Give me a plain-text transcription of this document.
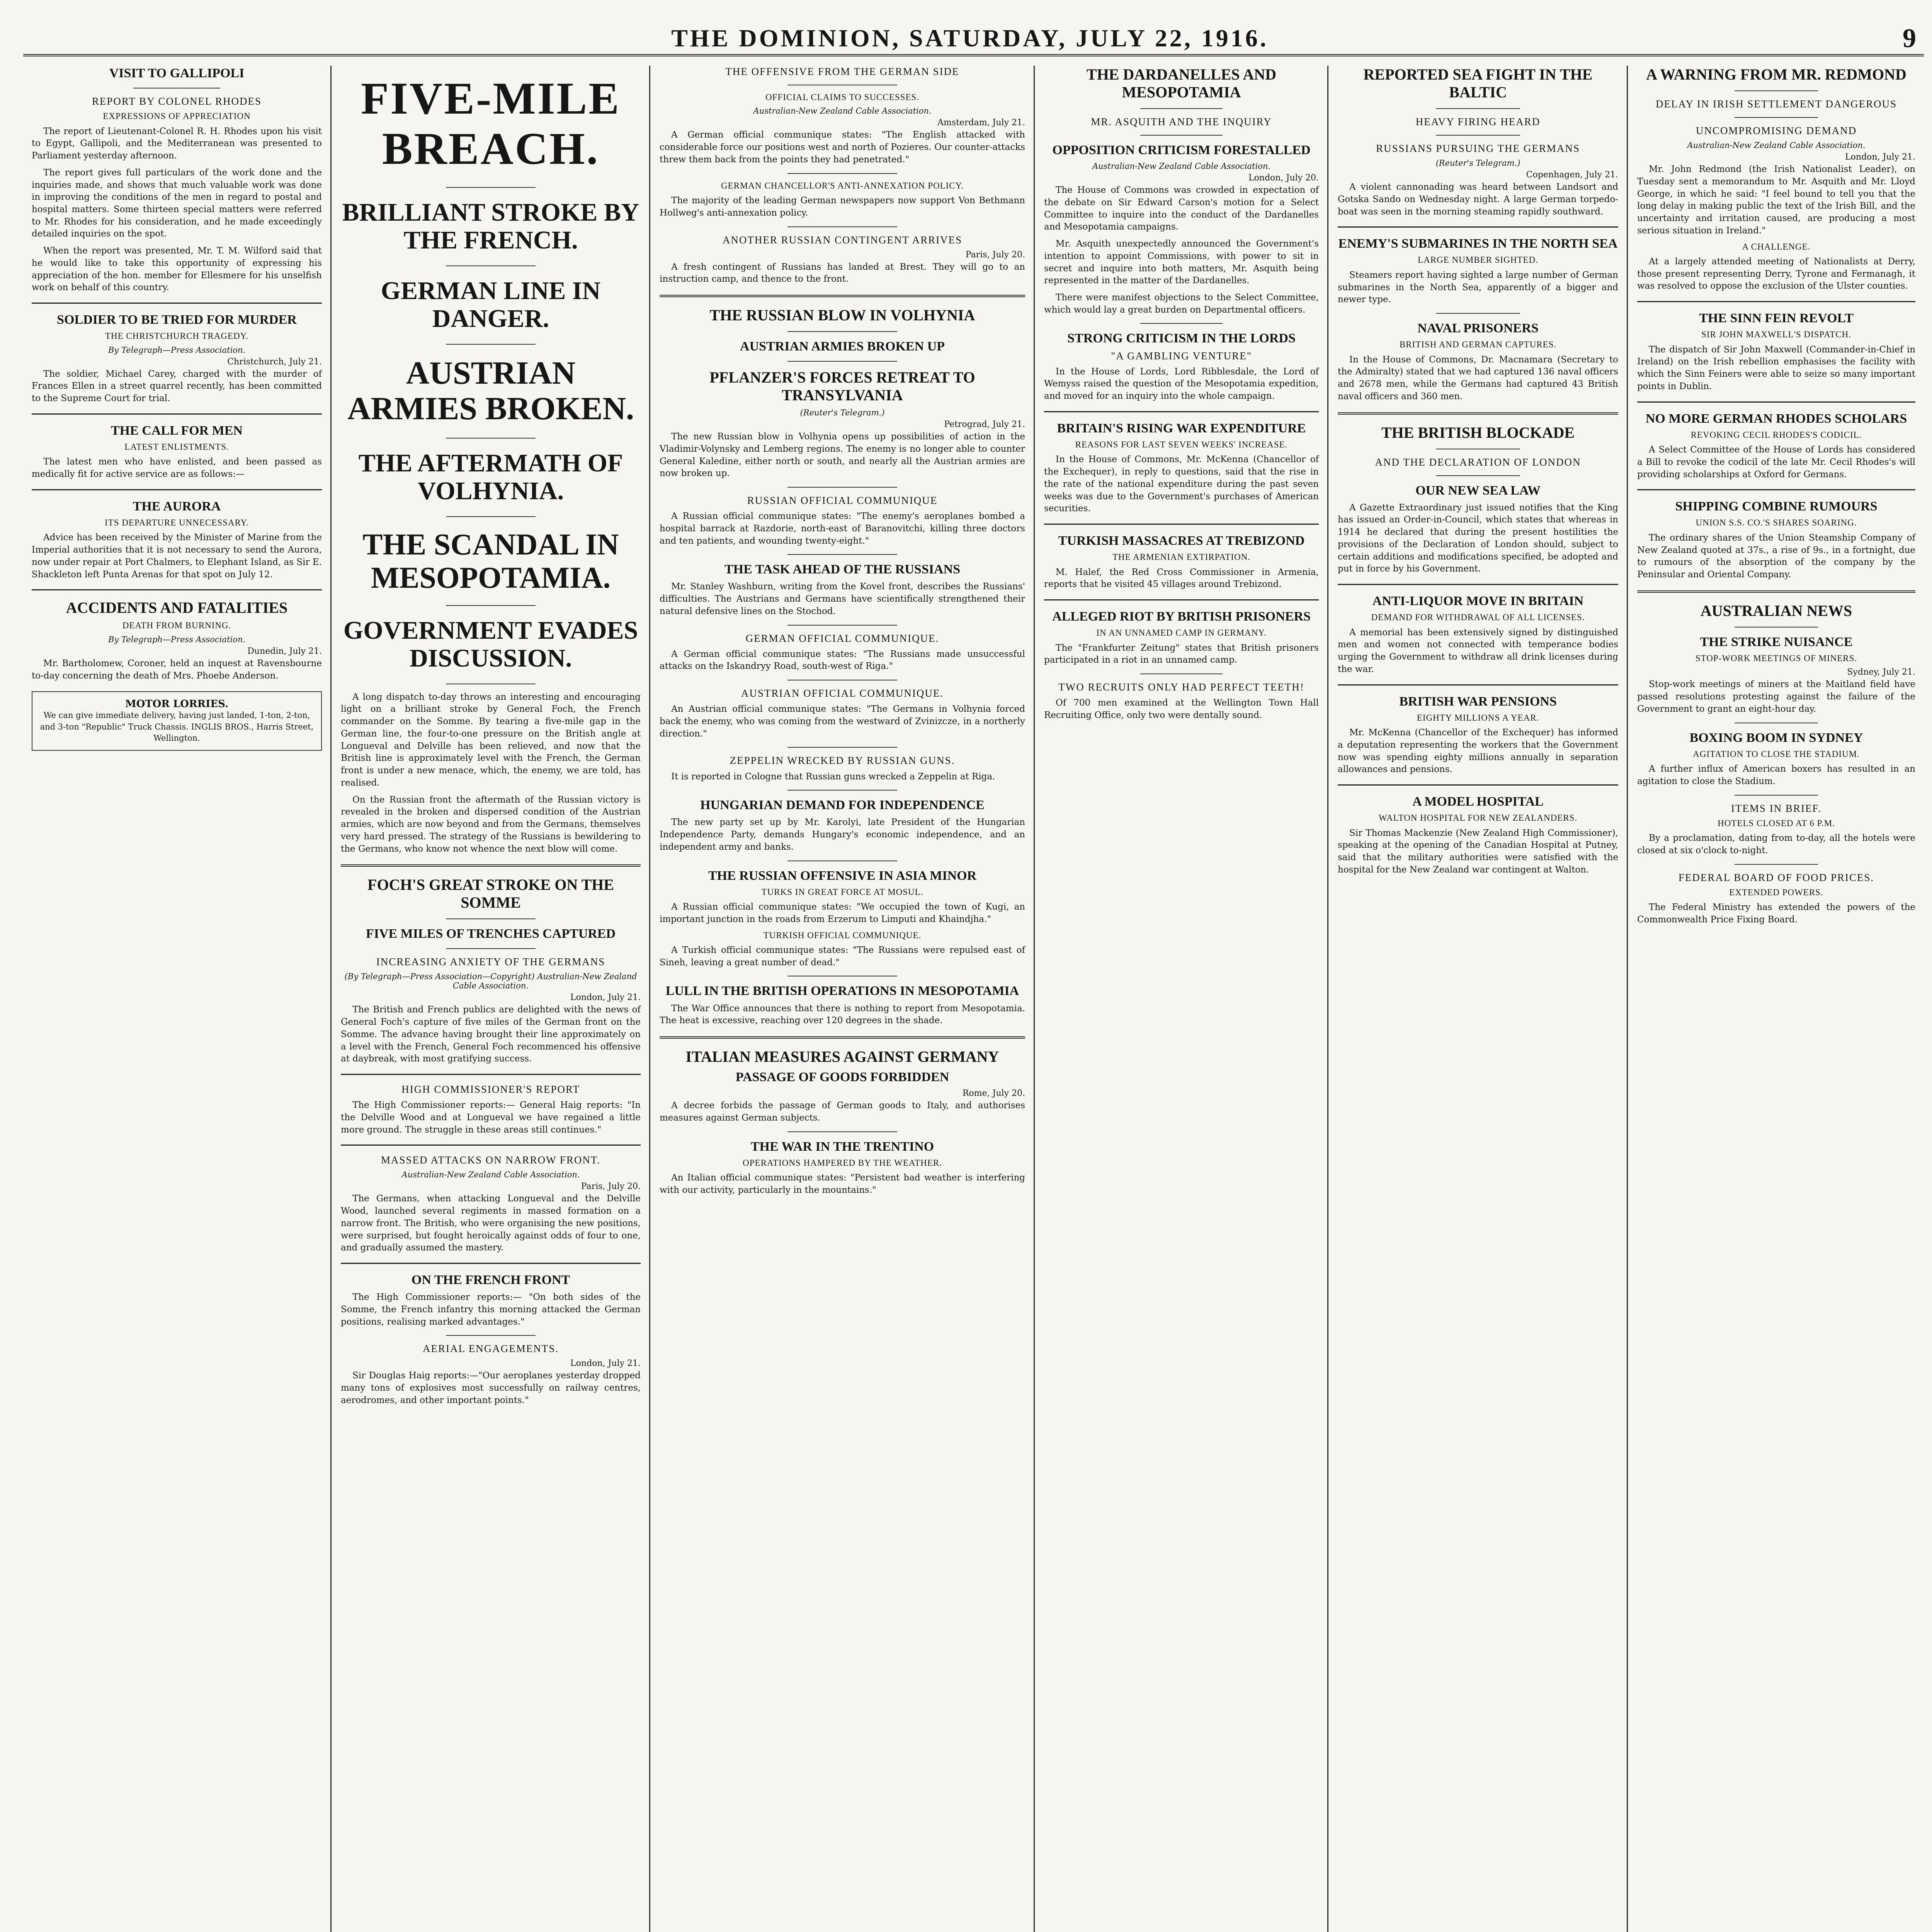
THE DOMINION, SATURDAY, JULY 22, 1916.	9
VISIT TO GALLIPOLI
REPORT BY COLONEL RHODES
EXPRESSIONS OF APPRECIATION

The report of Lieutenant-Colonel R. H. Rhodes upon his visit to Egypt, Gallipoli, and the Mediterranean was presented to Parliament yesterday afternoon.

The report gives full particulars of the work done and the inquiries made, and shows that much valuable work was done in improving the conditions of the men in regard to postal and hospital matters. Some thirteen special matters were referred to Mr. Rhodes for his consideration, and he made exceedingly detailed inquiries on the spot.

When the report was presented, Mr. T. M. Wilford said that he would like to take this opportunity of expressing his appreciation of the hon. member for Ellesmere for his unselfish work on behalf of this country.

SOLDIER TO BE TRIED FOR MURDER
THE CHRISTCHURCH TRAGEDY.
By Telegraph—Press Association.
Christchurch, July 21.

The soldier, Michael Carey, charged with the murder of Frances Ellen in a street quarrel recently, has been committed to the Supreme Court for trial.

THE CALL FOR MEN
LATEST ENLISTMENTS.

The latest men who have enlisted, and been passed as medically fit for active service are as follows:—

THE AURORA
ITS DEPARTURE UNNECESSARY.

Advice has been received by the Minister of Marine from the Imperial authorities that it is not necessary to send the Aurora, now under repair at Port Chalmers, to Elephant Island, as Sir E. Shackleton left Punta Arenas for that spot on July 12.

ACCIDENTS AND FATALITIES
DEATH FROM BURNING.
By Telegraph—Press Association.
Dunedin, July 21.

Mr. Bartholomew, Coroner, held an inquest at Ravensbourne to-day concerning the death of Mrs. Phoebe Anderson.

MOTOR LORRIES.
We can give immediate delivery, having just landed, 1-ton, 2-ton, and 3-ton "Republic" Truck Chassis. INGLIS BROS., Harris Street, Wellington.
FIVE-MILE BREACH.
BRILLIANT STROKE BY THE FRENCH.
GERMAN LINE IN DANGER.
AUSTRIAN ARMIES BROKEN.
THE AFTERMATH OF VOLHYNIA.
THE SCANDAL IN MESOPOTAMIA.
GOVERNMENT EVADES DISCUSSION.

A long dispatch to-day throws an interesting and encouraging light on a brilliant stroke by General Foch, the French commander on the Somme. By tearing a five-mile gap in the German line, the four-to-one pressure on the British angle at Longueval and Delville has been relieved, and now that the British line is approximately level with the French, the German front is under a new menace, which, the enemy, we are told, has realised.

On the Russian front the aftermath of the Russian victory is revealed in the broken and dispersed condition of the Austrian armies, which are now beyond and from the Germans, themselves very hard pressed. The strategy of the Russians is bewildering to the Germans, who know not whence the next blow will come.

FOCH'S GREAT STROKE ON THE SOMME
FIVE MILES OF TRENCHES CAPTURED
INCREASING ANXIETY OF THE GERMANS
(By Telegraph—Press Association—Copyright) Australian-New Zealand Cable Association.
London, July 21.

The British and French publics are delighted with the news of General Foch's capture of five miles of the German front on the Somme. The advance having brought their line approximately on a level with the French, General Foch recommenced his offensive at daybreak, with most gratifying success.

HIGH COMMISSIONER'S REPORT

The High Commissioner reports:— General Haig reports: "In the Delville Wood and at Longueval we have regained a little more ground. The struggle in these areas still continues."

MASSED ATTACKS ON NARROW FRONT.
Australian-New Zealand Cable Association.
Paris, July 20.

The Germans, when attacking Longueval and the Delville Wood, launched several regiments in massed formation on a narrow front. The British, who were organising the new positions, were surprised, but fought heroically against odds of four to one, and gradually assumed the mastery.

ON THE FRENCH FRONT

The High Commissioner reports:— "On both sides of the Somme, the French infantry this morning attacked the German positions, realising marked advantages."

AERIAL ENGAGEMENTS.
London, July 21.

Sir Douglas Haig reports:—"Our aeroplanes yesterday dropped many tons of explosives most successfully on railway centres, aerodromes, and other important points."

THE OFFENSIVE FROM THE GERMAN SIDE
OFFICIAL CLAIMS TO SUCCESSES.
Australian-New Zealand Cable Association.
Amsterdam, July 21.

A German official communique states: "The English attacked with considerable force our positions west and north of Pozieres. Our counter-attacks threw them back from the points they had penetrated."

GERMAN CHANCELLOR'S ANTI-ANNEXATION POLICY.

The majority of the leading German newspapers now support Von Bethmann Hollweg's anti-annexation policy.

ANOTHER RUSSIAN CONTINGENT ARRIVES
Paris, July 20.

A fresh contingent of Russians has landed at Brest. They will go to an instruction camp, and thence to the front.

THE RUSSIAN BLOW IN VOLHYNIA
AUSTRIAN ARMIES BROKEN UP
PFLANZER'S FORCES RETREAT TO TRANSYLVANIA
(Reuter's Telegram.)
Petrograd, July 21.

The new Russian blow in Volhynia opens up possibilities of action in the Vladimir-Volynsky and Lemberg regions. The enemy is no longer able to counter General Kaledine, either north or south, and nearly all the Austrian armies are now broken up.

RUSSIAN OFFICIAL COMMUNIQUE

A Russian official communique states: "The enemy's aeroplanes bombed a hospital barrack at Razdorie, north-east of Baranovitchi, killing three doctors and ten patients, and wounding twenty-eight."

THE TASK AHEAD OF THE RUSSIANS

Mr. Stanley Washburn, writing from the Kovel front, describes the Russians' difficulties. The Austrians and Germans have scientifically strengthened their natural defensive lines on the Stochod.

GERMAN OFFICIAL COMMUNIQUE.

A German official communique states: "The Russians made unsuccessful attacks on the Iskandryy Road, south-west of Riga."

AUSTRIAN OFFICIAL COMMUNIQUE.

An Austrian official communique states: "The Germans in Volhynia forced back the enemy, who was coming from the westward of Zvinizcze, in a northerly direction."

ZEPPELIN WRECKED BY RUSSIAN GUNS.

It is reported in Cologne that Russian guns wrecked a Zeppelin at Riga.

HUNGARIAN DEMAND FOR INDEPENDENCE

The new party set up by Mr. Karolyi, late President of the Hungarian Independence Party, demands Hungary's economic independence, and an independent army and banks.

THE RUSSIAN OFFENSIVE IN ASIA MINOR
TURKS IN GREAT FORCE AT MOSUL.

A Russian official communique states: "We occupied the town of Kugi, an important junction in the roads from Erzerum to Limputi and Khaindjha."

TURKISH OFFICIAL COMMUNIQUE.

A Turkish official communique states: "The Russians were repulsed east of Sineh, leaving a great number of dead."

LULL IN THE BRITISH OPERATIONS IN MESOPOTAMIA

The War Office announces that there is nothing to report from Mesopotamia. The heat is excessive, reaching over 120 degrees in the shade.

ITALIAN MEASURES AGAINST GERMANY
PASSAGE OF GOODS FORBIDDEN
Rome, July 20.

A decree forbids the passage of German goods to Italy, and authorises measures against German subjects.

THE WAR IN THE TRENTINO
OPERATIONS HAMPERED BY THE WEATHER.

An Italian official communique states: "Persistent bad weather is interfering with our activity, particularly in the mountains."

THE DARDANELLES AND MESOPOTAMIA
MR. ASQUITH AND THE INQUIRY
OPPOSITION CRITICISM FORESTALLED
Australian-New Zealand Cable Association.
London, July 20.

The House of Commons was crowded in expectation of the debate on Sir Edward Carson's motion for a Select Committee to inquire into the conduct of the Dardanelles and Mesopotamia campaigns.

Mr. Asquith unexpectedly announced the Government's intention to appoint Commissions, with power to sit in secret and inquire into both matters, Mr. Asquith being represented in the matter of the Dardanelles.

There were manifest objections to the Select Committee, which would lay a great burden on Departmental officers.

STRONG CRITICISM IN THE LORDS
"A GAMBLING VENTURE"

In the House of Lords, Lord Ribblesdale, the Lord of Wemyss raised the question of the Mesopotamia expedition, and moved for an inquiry into the whole campaign.

BRITAIN'S RISING WAR EXPENDITURE
REASONS FOR LAST SEVEN WEEKS' INCREASE.

In the House of Commons, Mr. McKenna (Chancellor of the Exchequer), in reply to questions, said that the rise in the rate of the national expenditure during the past seven weeks was due to the Government's purchases of American securities.

TURKISH MASSACRES AT TREBIZOND
THE ARMENIAN EXTIRPATION.

M. Halef, the Red Cross Commissioner in Armenia, reports that he visited 45 villages around Trebizond.

ALLEGED RIOT BY BRITISH PRISONERS
IN AN UNNAMED CAMP IN GERMANY.

The "Frankfurter Zeitung" states that British prisoners participated in a riot in an unnamed camp.

TWO RECRUITS ONLY HAD PERFECT TEETH!

Of 700 men examined at the Wellington Town Hall Recruiting Office, only two were dentally sound.

REPORTED SEA FIGHT IN THE BALTIC
HEAVY FIRING HEARD
RUSSIANS PURSUING THE GERMANS
(Reuter's Telegram.)
Copenhagen, July 21.

A violent cannonading was heard between Landsort and Gotska Sando on Wednesday night. A large German torpedo-boat was seen in the morning steaming rapidly southward.

ENEMY'S SUBMARINES IN THE NORTH SEA
LARGE NUMBER SIGHTED.

Steamers report having sighted a large number of German submarines in the North Sea, apparently of a bigger and newer type.

NAVAL PRISONERS
BRITISH AND GERMAN CAPTURES.

In the House of Commons, Dr. Macnamara (Secretary to the Admiralty) stated that we had captured 136 naval officers and 2678 men, while the Germans had captured 43 British naval officers and 360 men.

THE BRITISH BLOCKADE
AND THE DECLARATION OF LONDON
OUR NEW SEA LAW

A Gazette Extraordinary just issued notifies that the King has issued an Order-in-Council, which states that whereas in 1914 he declared that during the present hostilities the provisions of the Declaration of London should, subject to certain additions and modifications specified, be adopted and put in force by his Government.

ANTI-LIQUOR MOVE IN BRITAIN
DEMAND FOR WITHDRAWAL OF ALL LICENSES.

A memorial has been extensively signed by distinguished men and women not connected with temperance bodies urging the Government to withdraw all drink licenses during the war.

BRITISH WAR PENSIONS
EIGHTY MILLIONS A YEAR.

Mr. McKenna (Chancellor of the Exchequer) has informed a deputation representing the workers that the Government now was spending eighty millions annually in separation allowances and pensions.

A MODEL HOSPITAL
WALTON HOSPITAL FOR NEW ZEALANDERS.

Sir Thomas Mackenzie (New Zealand High Commissioner), speaking at the opening of the Canadian Hospital at Putney, said that the military authorities were satisfied with the hospital for the New Zealand war contingent at Walton.

A WARNING FROM MR. REDMOND
DELAY IN IRISH SETTLEMENT DANGEROUS
UNCOMPROMISING DEMAND
Australian-New Zealand Cable Association.
London, July 21.

Mr. John Redmond (the Irish Nationalist Leader), on Tuesday sent a memorandum to Mr. Asquith and Mr. Lloyd George, in which he said: "I feel bound to tell you that the long delay in making public the text of the Irish Bill, and the uncertainty and irritation caused, are producing a most serious situation in Ireland."

A CHALLENGE.

At a largely attended meeting of Nationalists at Derry, those present representing Derry, Tyrone and Fermanagh, it was resolved to oppose the exclusion of the Ulster counties.

THE SINN FEIN REVOLT
SIR JOHN MAXWELL'S DISPATCH.

The dispatch of Sir John Maxwell (Commander-in-Chief in Ireland) on the Irish rebellion emphasises the facility with which the Sinn Feiners were able to seize so many important points in Dublin.

NO MORE GERMAN RHODES SCHOLARS
REVOKING CECIL RHODES'S CODICIL.

A Select Committee of the House of Lords has considered a Bill to revoke the codicil of the late Mr. Cecil Rhodes's will providing scholarships at Oxford for Germans.

SHIPPING COMBINE RUMOURS
UNION S.S. CO.'S SHARES SOARING.

The ordinary shares of the Union Steamship Company of New Zealand quoted at 37s., a rise of 9s., in a fortnight, due to rumours of the absorption of the company by the Peninsular and Oriental Company.

AUSTRALIAN NEWS
THE STRIKE NUISANCE
STOP-WORK MEETINGS OF MINERS.
Sydney, July 21.

Stop-work meetings of miners at the Maitland field have passed resolutions protesting against the failure of the Government to grant an eight-hour day.

BOXING BOOM IN SYDNEY
AGITATION TO CLOSE THE STADIUM.

A further influx of American boxers has resulted in an agitation to close the Stadium.

ITEMS IN BRIEF.
HOTELS CLOSED AT 6 P.M.

By a proclamation, dating from to-day, all the hotels were closed at six o'clock to-night.

FEDERAL BOARD OF FOOD PRICES.
EXTENDED POWERS.

The Federal Ministry has extended the powers of the Commonwealth Price Fixing Board.
